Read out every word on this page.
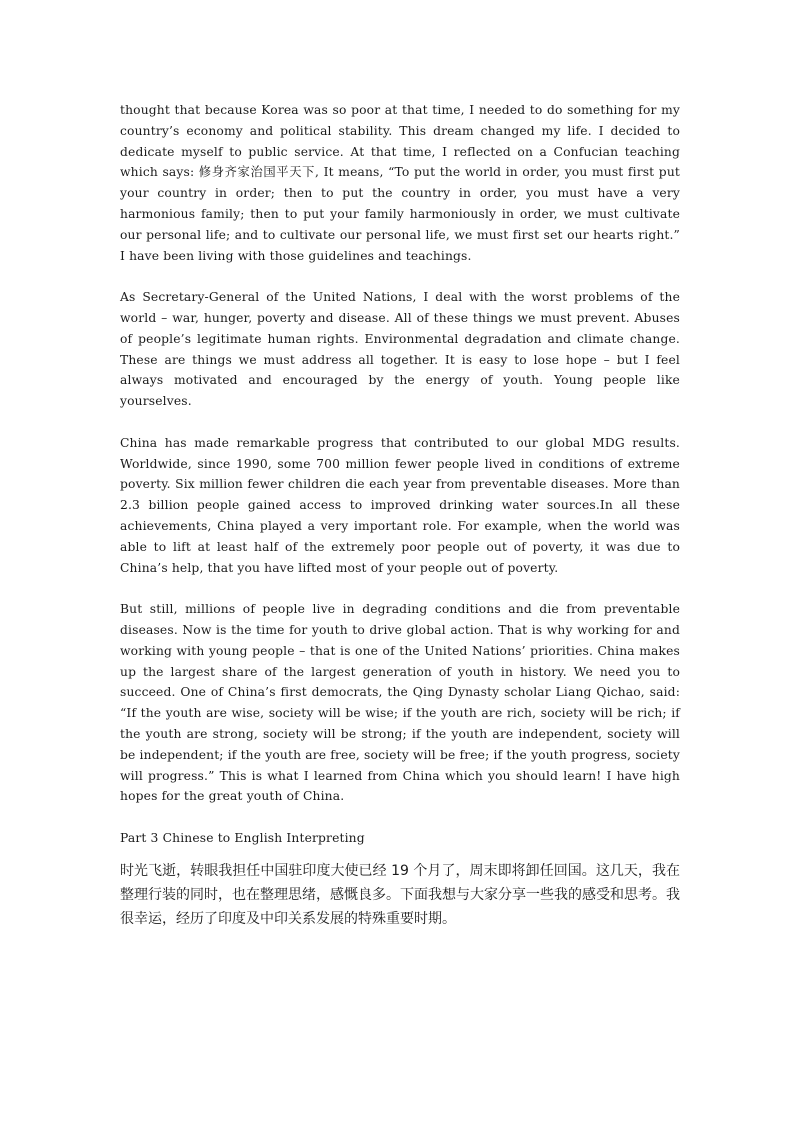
thought that because Korea was so poor at that time, I needed to do something for my country’s economy and political stability. This dream changed my life. I decided to dedicate myself to public service. At that time, I reflected on a Confucian teaching which says: 修身齐家治国平天下, It means, “To put the world in order, you must first put your country in order; then to put the country in order, you must have a very harmonious family; then to put your family harmoniously in order, we must cultivate our personal life; and to cultivate our personal life, we must first set our hearts right.” I have been living with those guidelines and teachings.

As Secretary-General of the United Nations, I deal with the worst problems of the world – war, hunger, poverty and disease. All of these things we must prevent. Abuses of people’s legitimate human rights. Environmental degradation and climate change. These are things we must address all together. It is easy to lose hope – but I feel always motivated and encouraged by the energy of youth. Young people like yourselves.

China has made remarkable progress that contributed to our global MDG results. Worldwide, since 1990, some 700 million fewer people lived in conditions of extreme poverty. Six million fewer children die each year from preventable diseases. More than 2.3 billion people gained access to improved drinking water sources.In all these achievements, China played a very important role. For example, when the world was able to lift at least half of the extremely poor people out of poverty, it was due to China’s help, that you have lifted most of your people out of poverty.

But still, millions of people live in degrading conditions and die from preventable diseases. Now is the time for youth to drive global action. That is why working for and working with young people – that is one of the United Nations’ priorities. China makes up the largest share of the largest generation of youth in history. We need you to succeed. One of China’s first democrats, the Qing Dynasty scholar Liang Qichao, said: “If the youth are wise, society will be wise; if the youth are rich, society will be rich; if the youth are strong, society will be strong; if the youth are independent, society will be independent; if the youth are free, society will be free; if the youth progress, society will progress.” This is what I learned from China which you should learn! I have high hopes for the great youth of China.

Part 3 Chinese to English Interpreting

时光飞逝，转眼我担任中国驻印度大使已经 19 个月了，周末即将卸任回国。这几天，我在整理行装的同时，也在整理思绪，感慨良多。下面我想与大家分享一些我的感受和思考。我很幸运，经历了印度及中印关系发展的特殊重要时期。
